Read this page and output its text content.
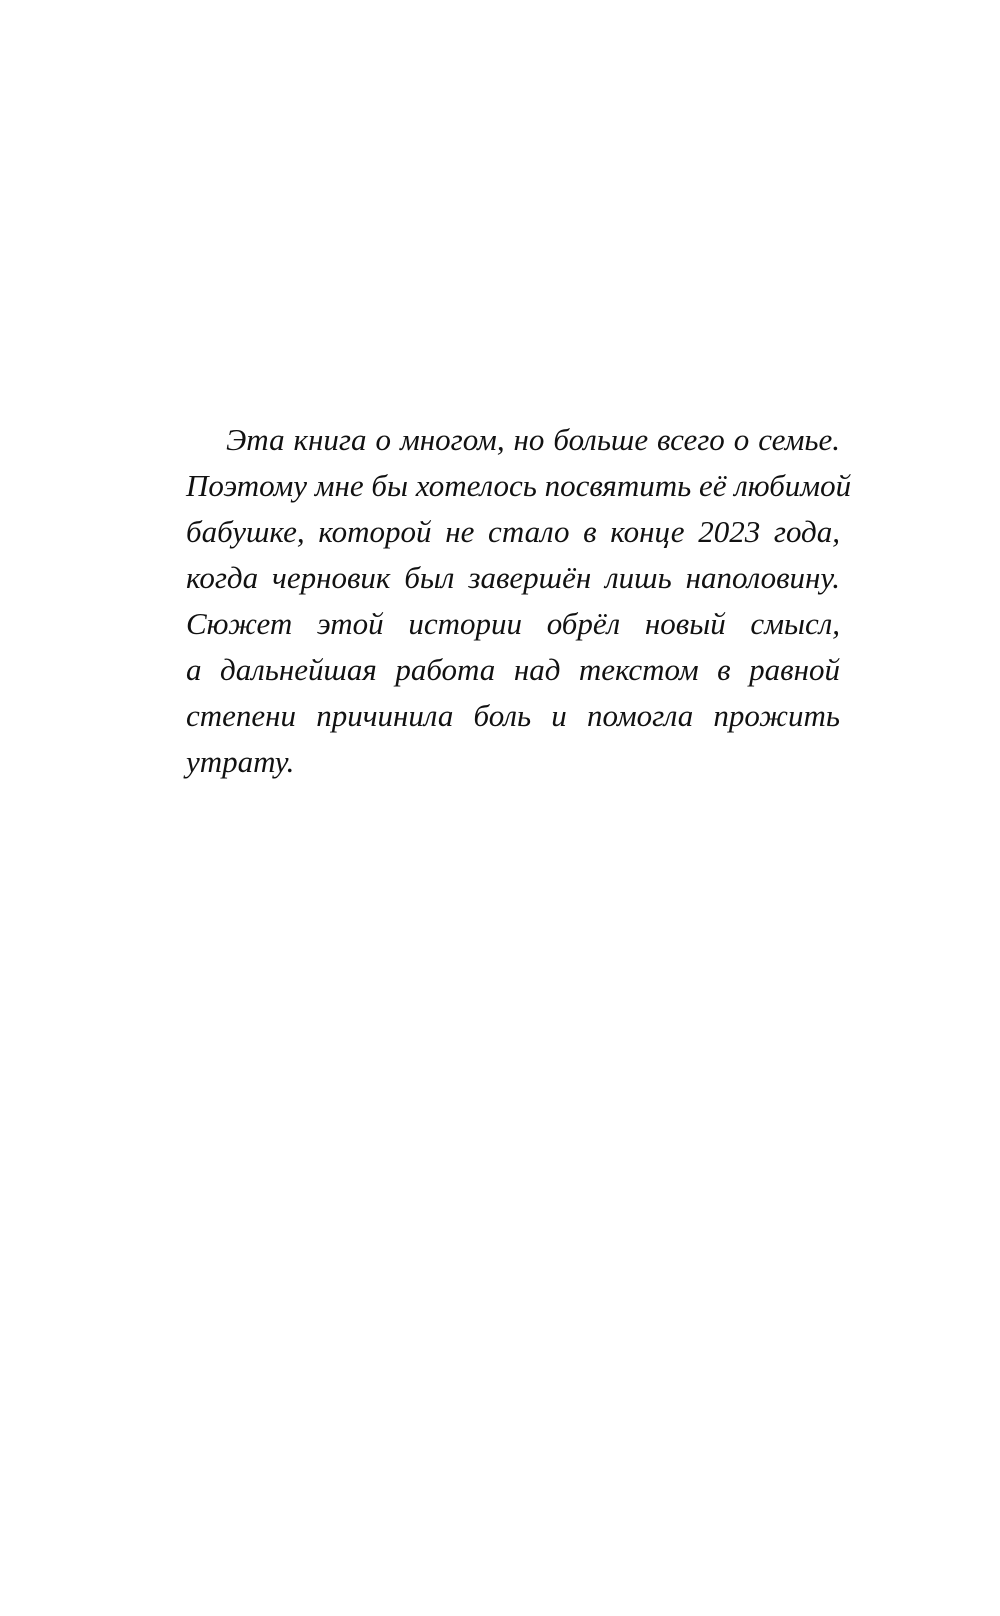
Эта книга о многом, но больше всего о семье.
Поэтому мне бы хотелось посвятить её любимой
бабушке, которой не стало в конце 2023 года,
когда черновик был завершён лишь наполовину.
Сюжет этой истории обрёл новый смысл,
а дальнейшая работа над текстом в равной
степени причинила боль и помогла прожить
утрату.
